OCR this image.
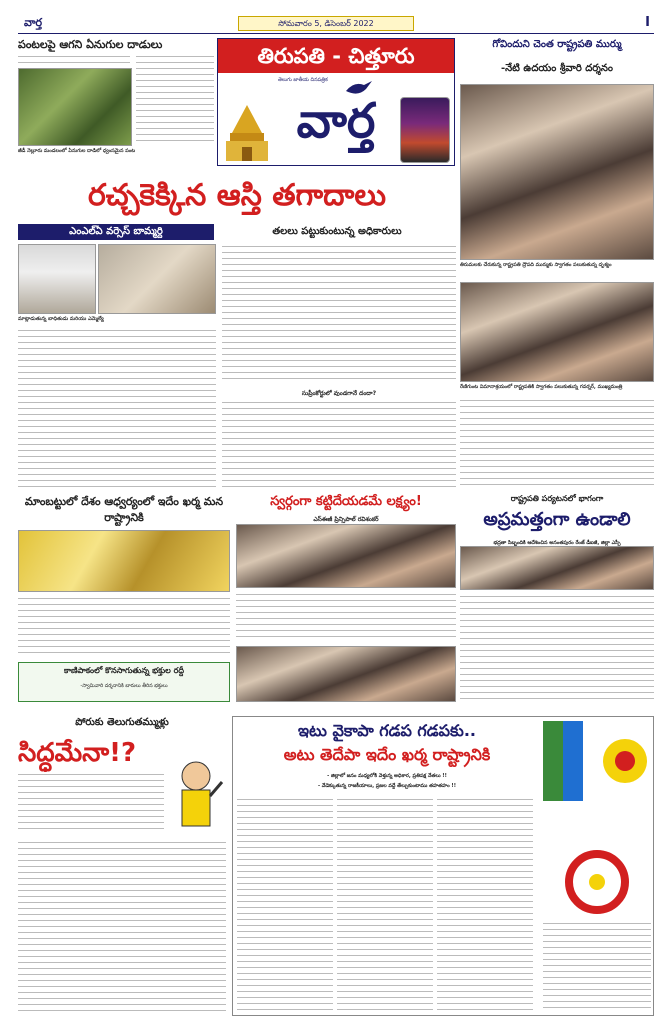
వార్త	సోమవారం 5, డిసెంబర్ 2022	I
పంటలపై ఆగని ఏనుగుల దాడులు
జీడీ నెల్లూరు మండలంలో ఏనుగుల దాడిలో ధ్వంసమైన పంట
తిరుపతి - చిత్తూరు
తెలుగు జాతీయ దినపత్రిక
వార్త
గోవిందుని చెంత రాష్ట్రపతి ముర్ము
-నేటి ఉదయం శ్రీవారి దర్శనం
తిరుమలకు చేరుకున్న రాష్ట్రపతి ద్రౌపది ముర్ముకు స్వాగతం పలుకుతున్న దృశ్యం
రేణిగుంట విమానాశ్రయంలో రాష్ట్రపతికి స్వాగతం పలుకుతున్న గవర్నర్, ముఖ్యమంత్రి
రచ్చకెక్కిన ఆస్తి తగాదాలు
ఎంఎల్ఏ వర్సెస్ బామ్మర్ది	తలలు పట్టుకుంటున్న అధికారులు
మాట్లాడుతున్న బాధితుడు మరియు ఎమ్మెల్యే
సుప్రీంకోర్టులో వుండగానే దందా?
రాష్ట్రపతి పర్యటనలో భాగంగా
అప్రమత్తంగా ఉండాలి
భద్రతా సిబ్బందికి ఆదేశించిన అనంతపురం రేంజ్ డీఐజీ, జిల్లా ఎస్పీ
మాంబట్టులో దేశం ఆధ్వర్యంలో ఇదేం ఖర్మ మన రాష్ట్రానికి
కాణిపాకంలో కొనసాగుతున్న భక్తుల రద్దీ
-స్వామివారి దర్శనానికి బారులు తీరిన భక్తులు
స్వర్గంగా కట్టిదేయడమే లక్ష్యం!
ఎస్ఈజీ ప్రిన్సిపాల్ రవిశంకర్
పోరుకు తెలుగుతమ్ముళ్లు
సిద్ధమేనా!?
ఇటు వైకాపా గడప గడపకు..
అటు తెదేపా ఇదేం ఖర్మ రాష్ట్రానికి
- జిల్లాలో జనం మధ్యలోకి వెళ్తున్న అధికార, ప్రతిపక్ష నేతలు !!
- వేడెక్కుతున్న రాజకీయాలు, ప్రజల వద్దే తేల్చుకుంటాము తహతహం !!
